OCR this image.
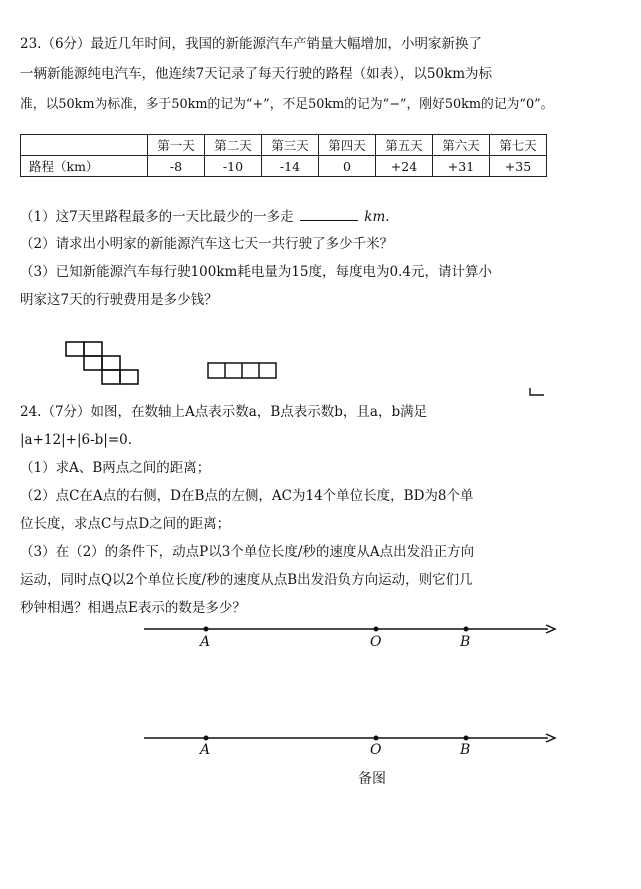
23.（6分）最近几年时间，我国的新能源汽车产销量大幅增加，小明家新换了
一辆新能源纯电汽车，他连续7天记录了每天行驶的路程（如表），以50km为标
准，以50km为标准，多于50km的记为“+”，不足50km的记为“−”，刚好50km的记为“0”。
	第一天	第二天	第三天	第四天	第五天	第六天	第七天
路程（km）	-8	-10	-14	0	+24	+31	+35
（1）这7天里路程最多的一天比最少的一多走	km.
（2）请求出小明家的新能源汽车这七天一共行驶了多少千米？
（3）已知新能源汽车每行驶100km耗电量为15度，每度电为0.4元，请计算小
明家这7天的行驶费用是多少钱？
24.（7分）如图，在数轴上A点表示数a，B点表示数b，且a，b满足
|a+12|+|6-b|=0.
（1）求A、B两点之间的距离；
（2）点C在A点的右侧，D在B点的左侧，AC为14个单位长度，BD为8个单
位长度，求点C与点D之间的距离；
（3）在（2）的条件下，动点P以3个单位长度/秒的速度从A点出发沿正方向
运动，同时点Q以2个单位长度/秒的速度从点B出发沿负方向运动，则它们几
秒钟相遇？相遇点E表示的数是多少？
A	O	B
A	O	B
备图
